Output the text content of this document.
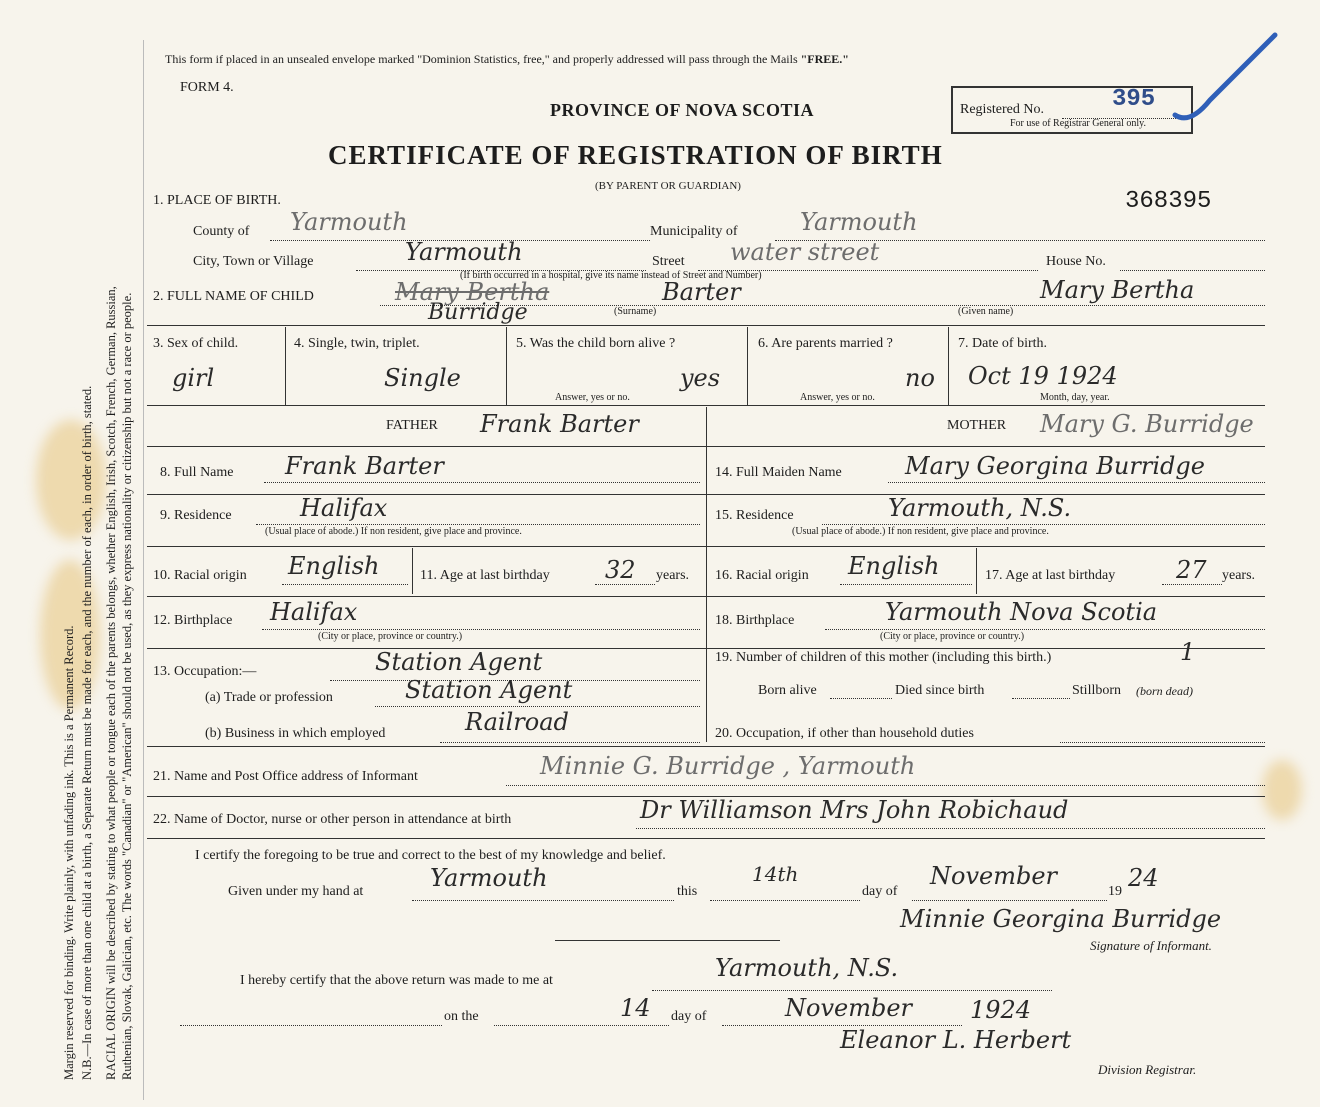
Margin reserved for binding. Write plainly, with unfading ink. This is a Permanent Record. N.B.—In case of more than one child at a birth, a Separate Return must be made for each, and the number of each, in order of birth, stated. RACIAL ORIGIN will be described by stating to what people or tongue each of the parents belongs, whether English, Irish, Scotch, French, German, Russian, Ruthenian, Slovak, Galician, etc. The words "Canadian" or "American" should not be used, as they express nationality or citizenship but not a race or people.
This form if placed in an unsealed envelope marked "Dominion Statistics, free," and properly addressed will pass through the Mails "FREE."
FORM 4.
PROVINCE OF NOVA SCOTIA	Registered No.	395
For use of Registrar General only.
CERTIFICATE OF REGISTRATION OF BIRTH
(BY PARENT OR GUARDIAN)
368395
1. PLACE OF BIRTH.
County of Yarmouth	Municipality of	Yarmouth
City, Town or Village	Yarmouth	Street water street	House No.
(If birth occurred in a hospital, give its name instead of Street and Number)
2. FULL NAME OF CHILD	Mary Bertha
Burridge
Barter
(Surname)
Mary Bertha
(Given name)
3. Sex of child.
girl
4. Single, twin, triplet.
Single
5. Was the child born alive ?
yes
Answer, yes or no.
6. Are parents married ?
no
Answer, yes or no.
7. Date of birth.
Oct 19 1924
Month, day, year.
FATHER Frank Barter
8. Full Name Frank Barter
9. Residence	Halifax
(Usual place of abode.) If non resident, give place and province.
10. Racial origin English	11. Age at last birthday 32 years.
12. Birthplace Halifax
(City or place, province or country.)
13. Occupation:—	Station Agent
(a) Trade or profession	Station Agent
(b) Business in which employed	Railroad
MOTHER Mary G. Burridge
14. Full Maiden Name	Mary Georgina Burridge
15. Residence	Yarmouth, N.S.
(Usual place of abode.) If non resident, give place and province.
16. Racial origin English	17. Age at last birthday	27 years.
18. Birthplace	Yarmouth Nova Scotia
(City or place, province or country.)
19. Number of children of this mother (including this birth.)	1
Born alive	Died since birth	Stillborn (born dead)
20. Occupation, if other than household duties
21. Name and Post Office address of Informant	Minnie G. Burridge , Yarmouth
22. Name of Doctor, nurse or other person in attendance at birth	Dr Williamson Mrs John Robichaud
I certify the foregoing to be true and correct to the best of my knowledge and belief.
Given under my hand at	Yarmouth	this
14th
day of
November
19 24
Minnie Georgina Burridge
Signature of Informant.
I hereby certify that the above return was made to me at	Yarmouth, N.S.
on the	14 day of	November 1924
Eleanor L. Herbert
Division Registrar.
